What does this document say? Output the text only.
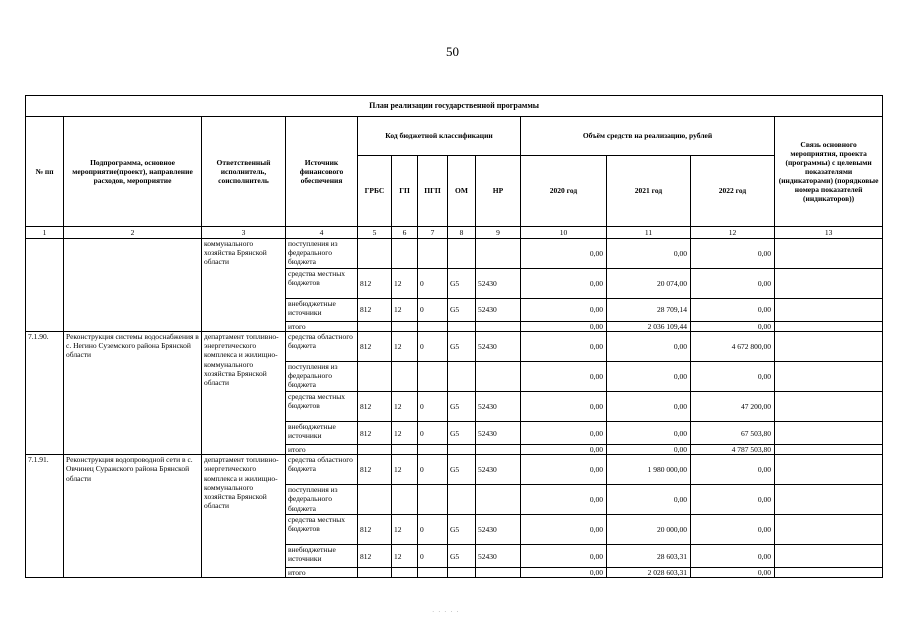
50
План реализации государственной программы												
№ пп	Подпрограмма, основное мероприятие(проект), направление расходов, мероприятие	Ответственный исполнитель, соисполнитель	Источник финансового обеспечения	Код бюджетной классификации					Объём средств на реализацию, рублей			Связь основного мероприятия, проекта (программы) с целевыми показателями (индикаторами) (порядковые номера показателей (индикаторов))
				ГРБС	ГП	ПГП	ОМ	НР	2020 год	2021 год	2022 год	
1	2	3	4	5	6	7	8	9	10	11	12	13
		коммунального хозяйства Брянской области	поступления из федерального бюджета						0,00	0,00	0,00	
			средства местных бюджетов	812	12	0	G5	52430	0,00	20 074,00	0,00	
			внебюджетные источники	812	12	0	G5	52430	0,00	28 709,14	0,00	
			итого						0,00	2 036 109,44	0,00	
7.1.90.	Реконструкция системы водоснабжения в с. Негино Суземского района Брянской области	департамент топливно-энергетического комплекса и жилищно-коммунального хозяйства Брянской области	средства областного бюджета	812	12	0	G5	52430	0,00	0,00	4 672 800,00	
			поступления из федерального бюджета						0,00	0,00	0,00	
			средства местных бюджетов	812	12	0	G5	52430	0,00	0,00	47 200,00	
			внебюджетные источники	812	12	0	G5	52430	0,00	0,00	67 503,80	
			итого						0,00	0,00	4 787 503,80	
7.1.91.	Реконструкция водопроводной сети в с. Овчинец Суражского района Брянской области	департамент топливно-энергетического комплекса и жилищно-коммунального хозяйства Брянской области	средства областного бюджета	812	12	0	G5	52430	0,00	1 980 000,00	0,00	
			поступления из федерального бюджета						0,00	0,00	0,00	
			средства местных бюджетов	812	12	0	G5	52430	0,00	20 000,00	0,00	
			внебюджетные источники	812	12	0	G5	52430	0,00	28 603,31	0,00	
			итого						0,00	2 028 603,31	0,00	
· · · · ·
